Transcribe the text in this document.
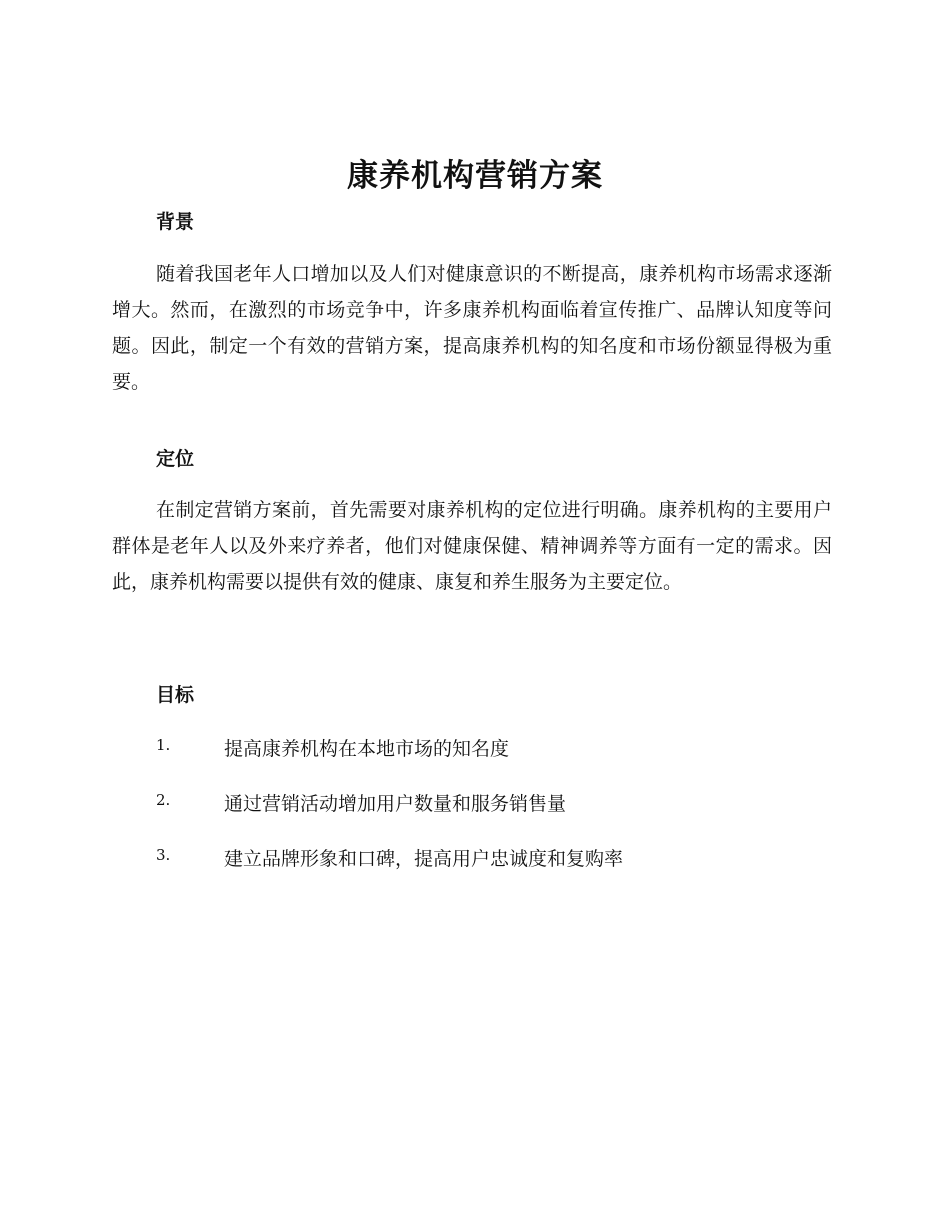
康养机构营销方案
背景

随着我国老年人口增加以及人们对健康意识的不断提高，康养机构市场需求逐渐增大。然而，在激烈的市场竞争中，许多康养机构面临着宣传推广、品牌认知度等问题。因此，制定一个有效的营销方案，提高康养机构的知名度和市场份额显得极为重要。

定位

在制定营销方案前，首先需要对康养机构的定位进行明确。康养机构的主要用户群体是老年人以及外来疗养者，他们对健康保健、精神调养等方面有一定的需求。因此，康养机构需要以提供有效的健康、康复和养生服务为主要定位。

目标
1.	提高康养机构在本地市场的知名度
2.	通过营销活动增加用户数量和服务销售量
3.	建立品牌形象和口碑，提高用户忠诚度和复购率
